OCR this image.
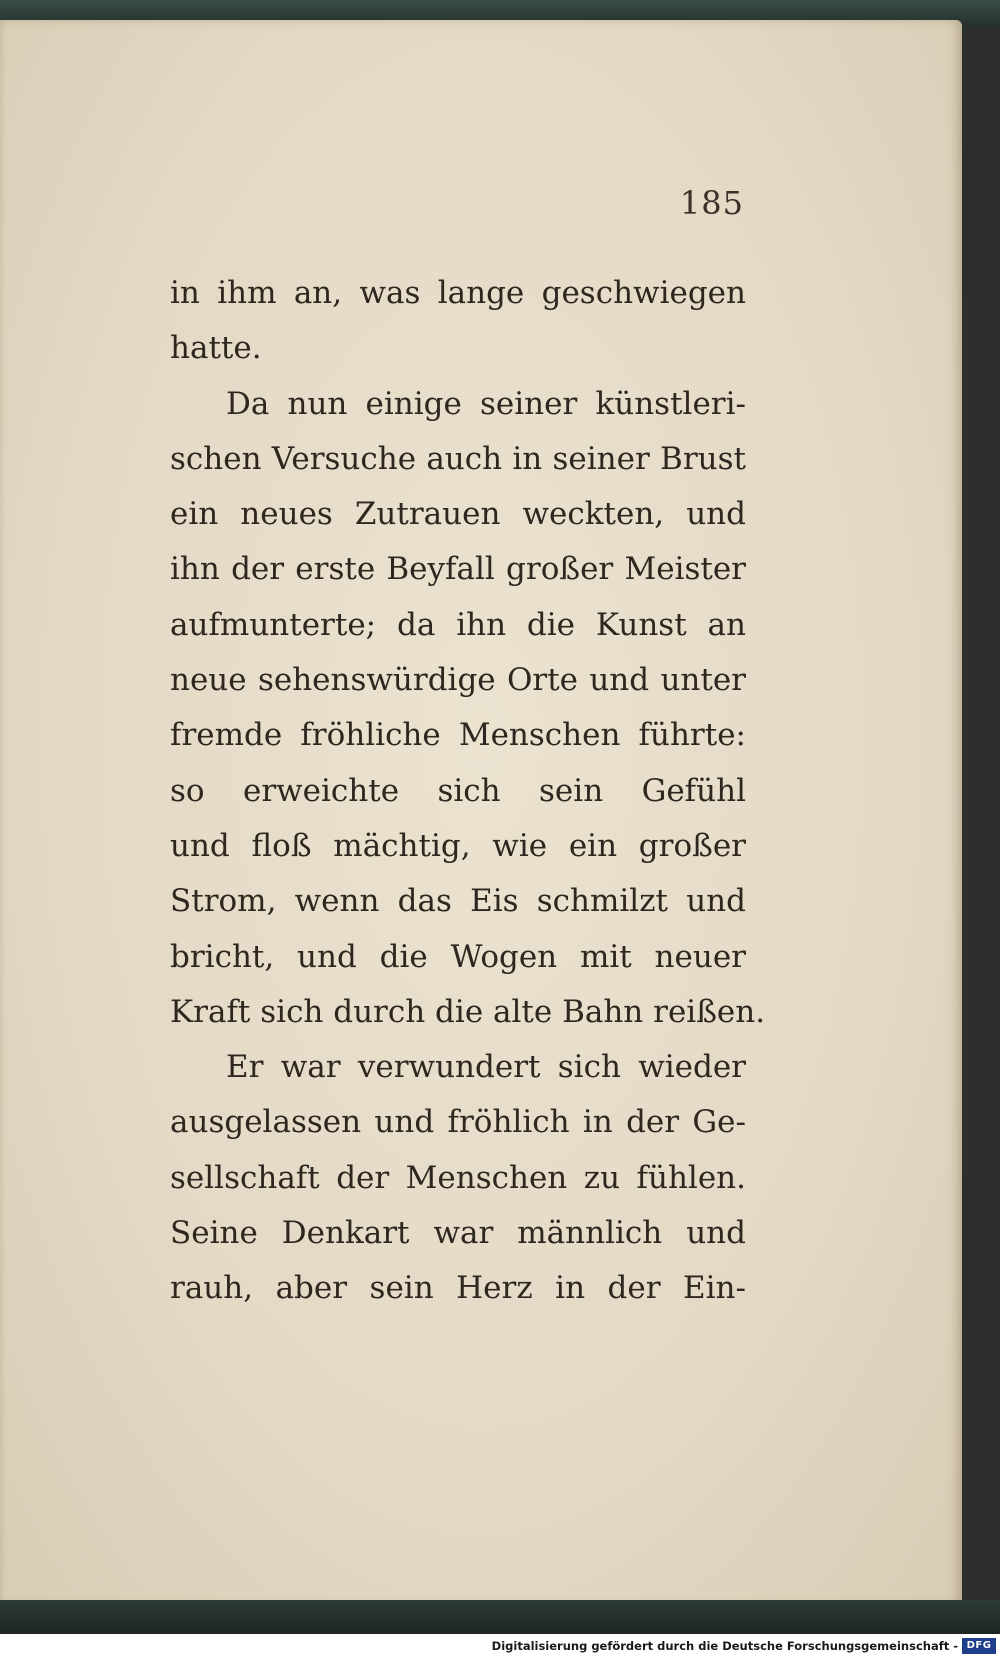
185

in ihm an, was lange geschwiegen
hatte.
Da nun einige seiner künstleri-
schen Versuche auch in seiner Brust
ein neues Zutrauen weckten, und
ihn der erste Beyfall großer Meister
aufmunterte; da ihn die Kunst an
neue sehenswürdige Orte und unter
fremde fröhliche Menschen führte:
so erweichte sich sein Gefühl
und floß mächtig, wie ein großer
Strom, wenn das Eis schmilzt und
bricht, und die Wogen mit neuer
Kraft sich durch die alte Bahn reißen.
Er war verwundert sich wieder
ausgelassen und fröhlich in der Ge-
sellschaft der Menschen zu fühlen.
Seine Denkart war männlich und
rauh, aber sein Herz in der Ein-
Digitalisierung gefördert durch die Deutsche Forschungsgemeinschaft - DFG
